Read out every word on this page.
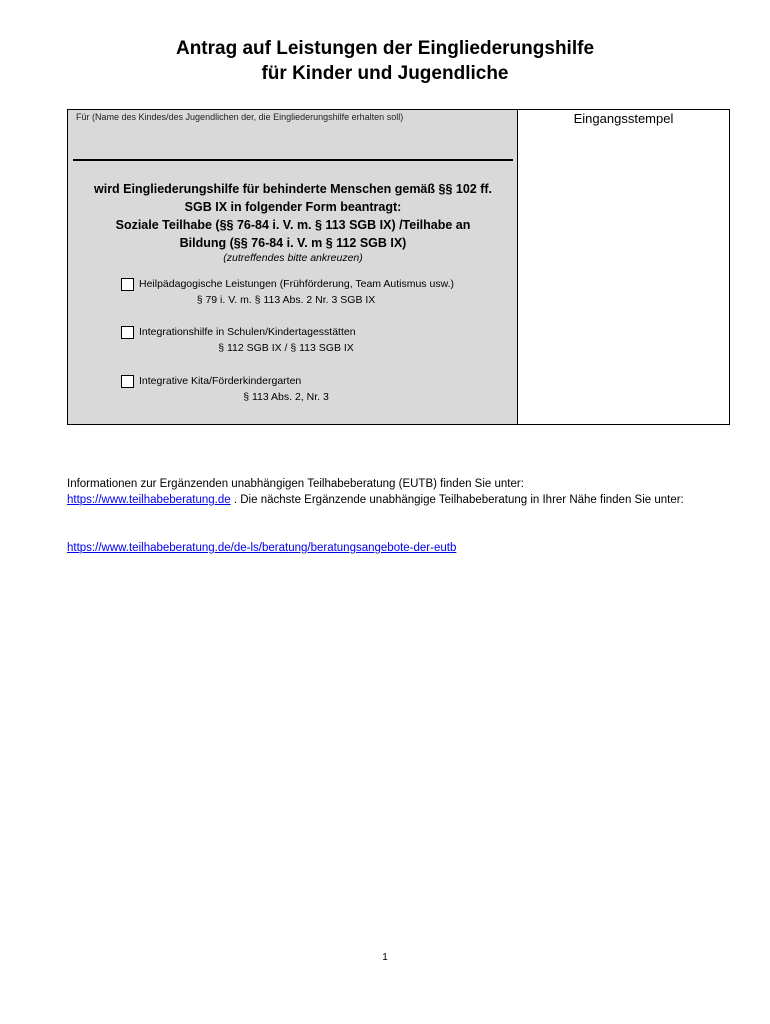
Antrag auf Leistungen der Eingliederungshilfe
für Kinder und Jugendliche
Für (Name des Kindes/des Jugendlichen der, die Eingliederungshilfe erhalten soll)
wird Eingliederungshilfe für behinderte Menschen gemäß §§ 102 ff.
SGB IX in folgender Form beantragt:
Soziale Teilhabe (§§ 76-84 i. V. m. § 113 SGB IX) /Teilhabe an
Bildung (§§ 76-84 i. V. m § 112 SGB IX)
(zutreffendes bitte ankreuzen)
Heilpädagogische Leistungen (Frühförderung, Team Autismus usw.)
§ 79 i. V. m. § 113 Abs. 2 Nr. 3 SGB IX
Integrationshilfe in Schulen/Kindertagesstätten
§ 112 SGB IX / § 113 SGB IX
Integrative Kita/Förderkindergarten
§ 113 Abs. 2, Nr. 3
Eingangsstempel
Informationen zur Ergänzenden unabhängigen Teilhabeberatung (EUTB) finden Sie unter:
https://www.teilhabeberatung.de . Die nächste Ergänzende unabhängige Teilhabeberatung in Ihrer Nähe finden Sie unter:
https://www.teilhabeberatung.de/de-ls/beratung/beratungsangebote-der-eutb
1
